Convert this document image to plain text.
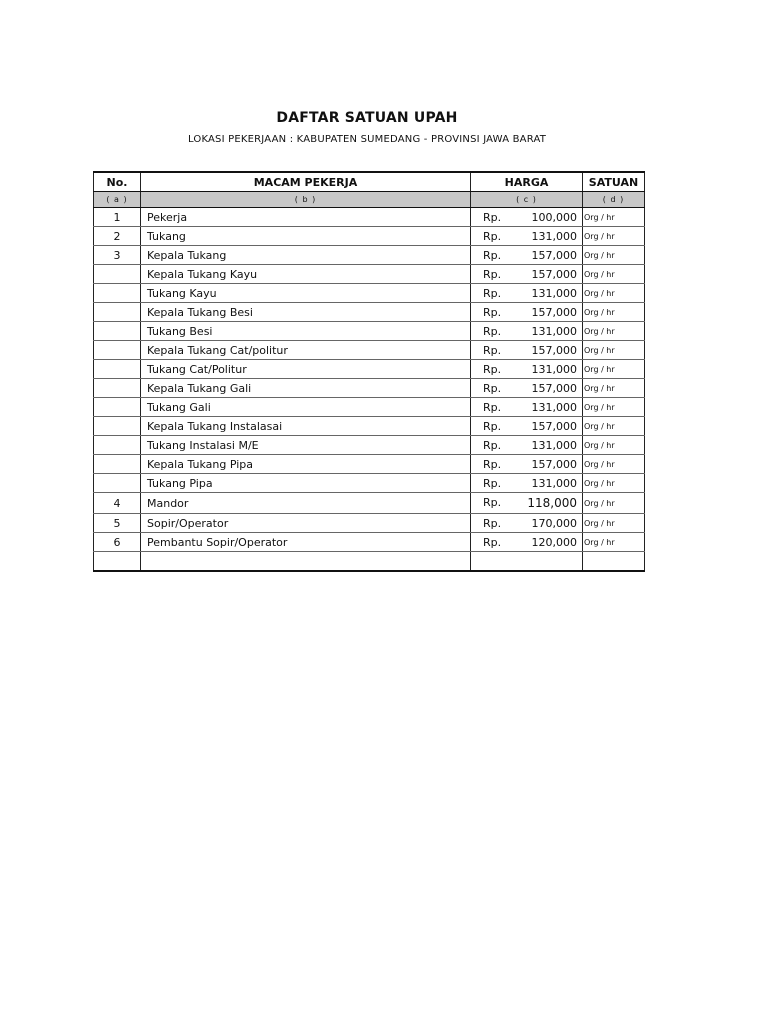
DAFTAR SATUAN UPAH
LOKASI PEKERJAAN : KABUPATEN SUMEDANG - PROVINSI JAWA BARAT
No.	MACAM PEKERJA	HARGA	SATUAN
( a )	( b )	( c )	( d )
1	Pekerja	Rp. 100,000	Org / hr
2	Tukang	Rp. 131,000	Org / hr
3	Kepala Tukang	Rp. 157,000	Org / hr
	Kepala Tukang Kayu	Rp. 157,000	Org / hr
	Tukang Kayu	Rp. 131,000	Org / hr
	Kepala Tukang Besi	Rp. 157,000	Org / hr
	Tukang Besi	Rp. 131,000	Org / hr
	Kepala Tukang Cat/politur	Rp. 157,000	Org / hr
	Tukang Cat/Politur	Rp. 131,000	Org / hr
	Kepala Tukang Gali	Rp. 157,000	Org / hr
	Tukang Gali	Rp. 131,000	Org / hr
	Kepala Tukang Instalasai	Rp. 157,000	Org / hr
	Tukang Instalasi M/E	Rp. 131,000	Org / hr
	Kepala Tukang Pipa	Rp. 157,000	Org / hr
	Tukang Pipa	Rp. 131,000	Org / hr
4	Mandor	Rp. 118,000	Org / hr
5	Sopir/Operator	Rp. 170,000	Org / hr
6	Pembantu Sopir/Operator	Rp. 120,000	Org / hr
